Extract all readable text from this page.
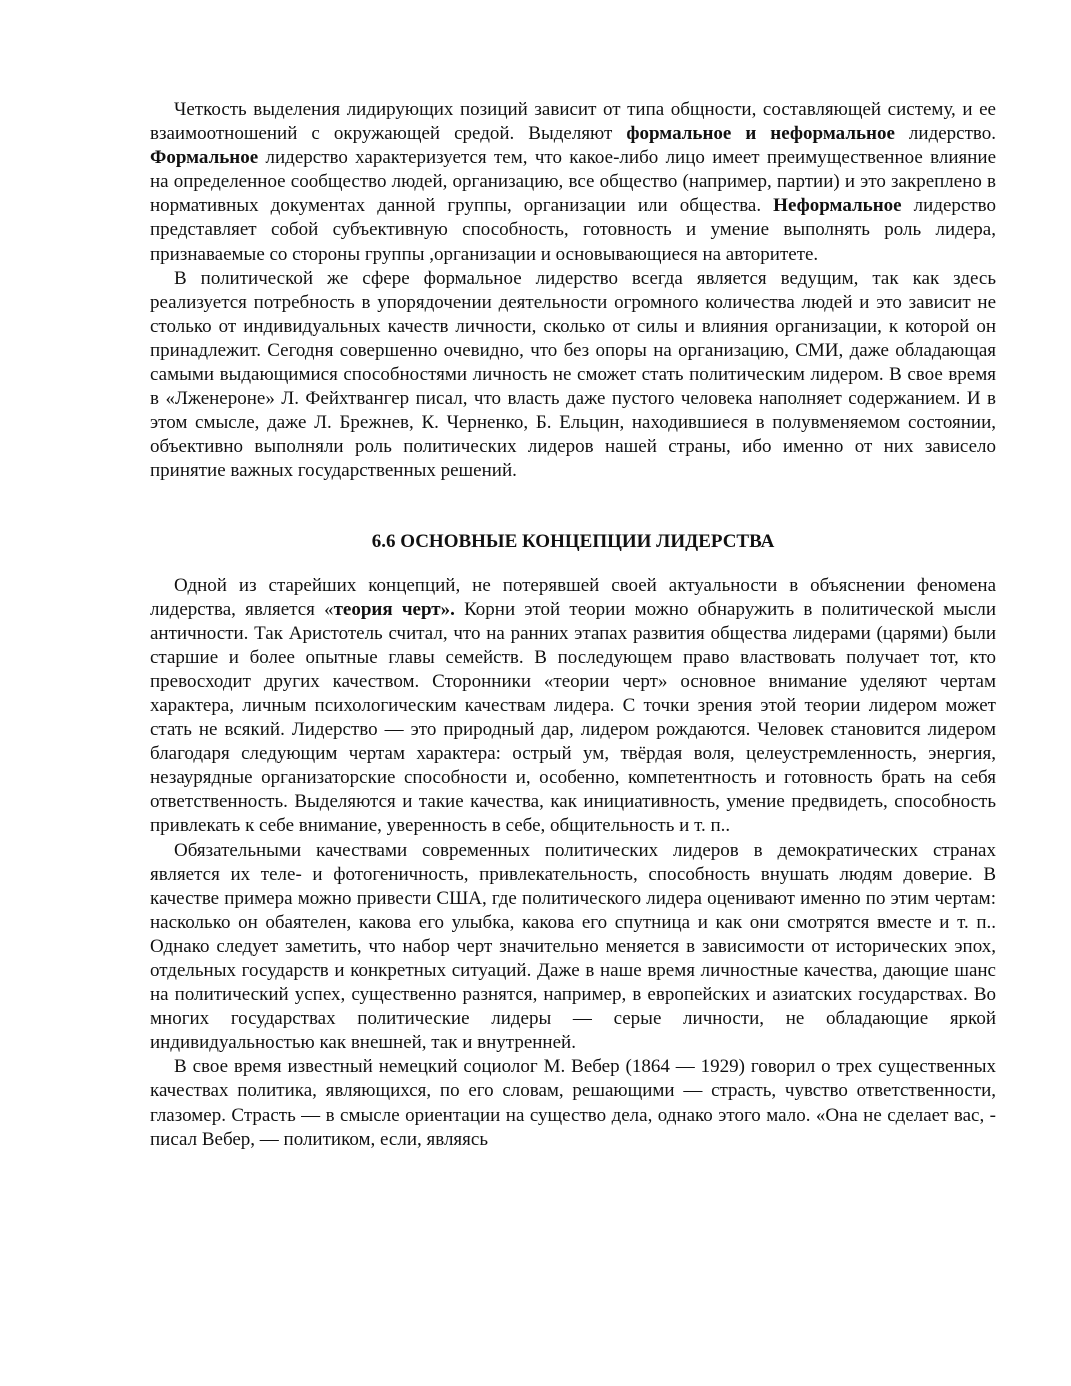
Четкость выделения лидирующих позиций зависит от типа общности, составляющей систему, и ее взаимоотношений с окружающей средой. Выделяют формальное и неформальное лидерство. Формальное лидерство характеризуется тем, что какое-либо лицо имеет преимущественное влияние на определенное сообщество людей, организацию, все общество (например, партии) и это закреплено в нормативных документах данной группы, организации или общества. Неформальное лидерство представляет собой субъективную способность, готовность и умение выполнять роль лидера, признаваемые со стороны группы ,организации и основывающиеся на авторитете.

В политической же сфере формальное лидерство всегда является ведущим, так как здесь реализуется потребность в упорядочении деятельности огромного количества людей и это зависит не столько от индивидуальных качеств личности, сколько от силы и влияния организации, к которой он принадлежит. Сегодня совершенно очевидно, что без опоры на организацию, СМИ, даже обладающая самыми выдающимися способностями личность не сможет стать политическим лидером. В свое время в «Лженероне» Л. Фейхтвангер писал, что власть даже пустого человека наполняет содержанием. И в этом смысле, даже Л. Брежнев, К. Черненко, Б. Ельцин, находившиеся в полувменяемом состоянии, объективно выполняли роль политических лидеров нашей страны, ибо именно от них зависело принятие важных государственных решений.

6.6 ОСНОВНЫЕ КОНЦЕПЦИИ ЛИДЕРСТВА

Одной из старейших концепций, не потерявшей своей актуальности в объяснении феномена лидерства, является «теория черт». Корни этой теории можно обнаружить в политической мысли античности. Так Аристотель считал, что на ранних этапах развития общества лидерами (царями) были старшие и более опытные главы семейств. В последующем право властвовать получает тот, кто превосходит других качеством. Сторонники «теории черт» основное внимание уделяют чертам характера, личным психологическим качествам лидера. С точки зрения этой теории лидером может стать не всякий. Лидерство — это природный дар, лидером рождаются. Человек становится лидером благодаря следующим чертам характера: острый ум, твёрдая воля, целеустремленность, энергия, незаурядные организаторские способности и, особенно, компетентность и готовность брать на себя ответственность. Выделяются и такие качества, как инициативность, умение предвидеть, способность привлекать к себе внимание, уверенность в себе, общительность и т. п..

Обязательными качествами современных политических лидеров в демократических странах является их теле- и фотогеничность, привлекательность, способность внушать людям доверие. В качестве примера можно привести США, где политического лидера оценивают именно по этим чертам: насколько он обаятелен, какова его улыбка, какова его спутница и как они смотрятся вместе и т. п.. Однако следует заметить, что набор черт значительно меняется в зависимости от исторических эпох, отдельных государств и конкретных ситуаций. Даже в наше время личностные качества, дающие шанс на политический успех, существенно разнятся, например, в европейских и азиатских государствах. Во многих государствах политические лидеры — серые личности, не обладающие яркой индивидуальностью как внешней, так и внутренней.

В свое время известный немецкий социолог М. Вебер (1864 — 1929) говорил о трех существенных качествах политика, являющихся, по его словам, решающими — страсть, чувство ответственности, глазомер. Страсть — в смысле ориентации на существо дела, однако этого мало. «Она не сделает вас, - писал Вебер, — политиком, если, являясь
